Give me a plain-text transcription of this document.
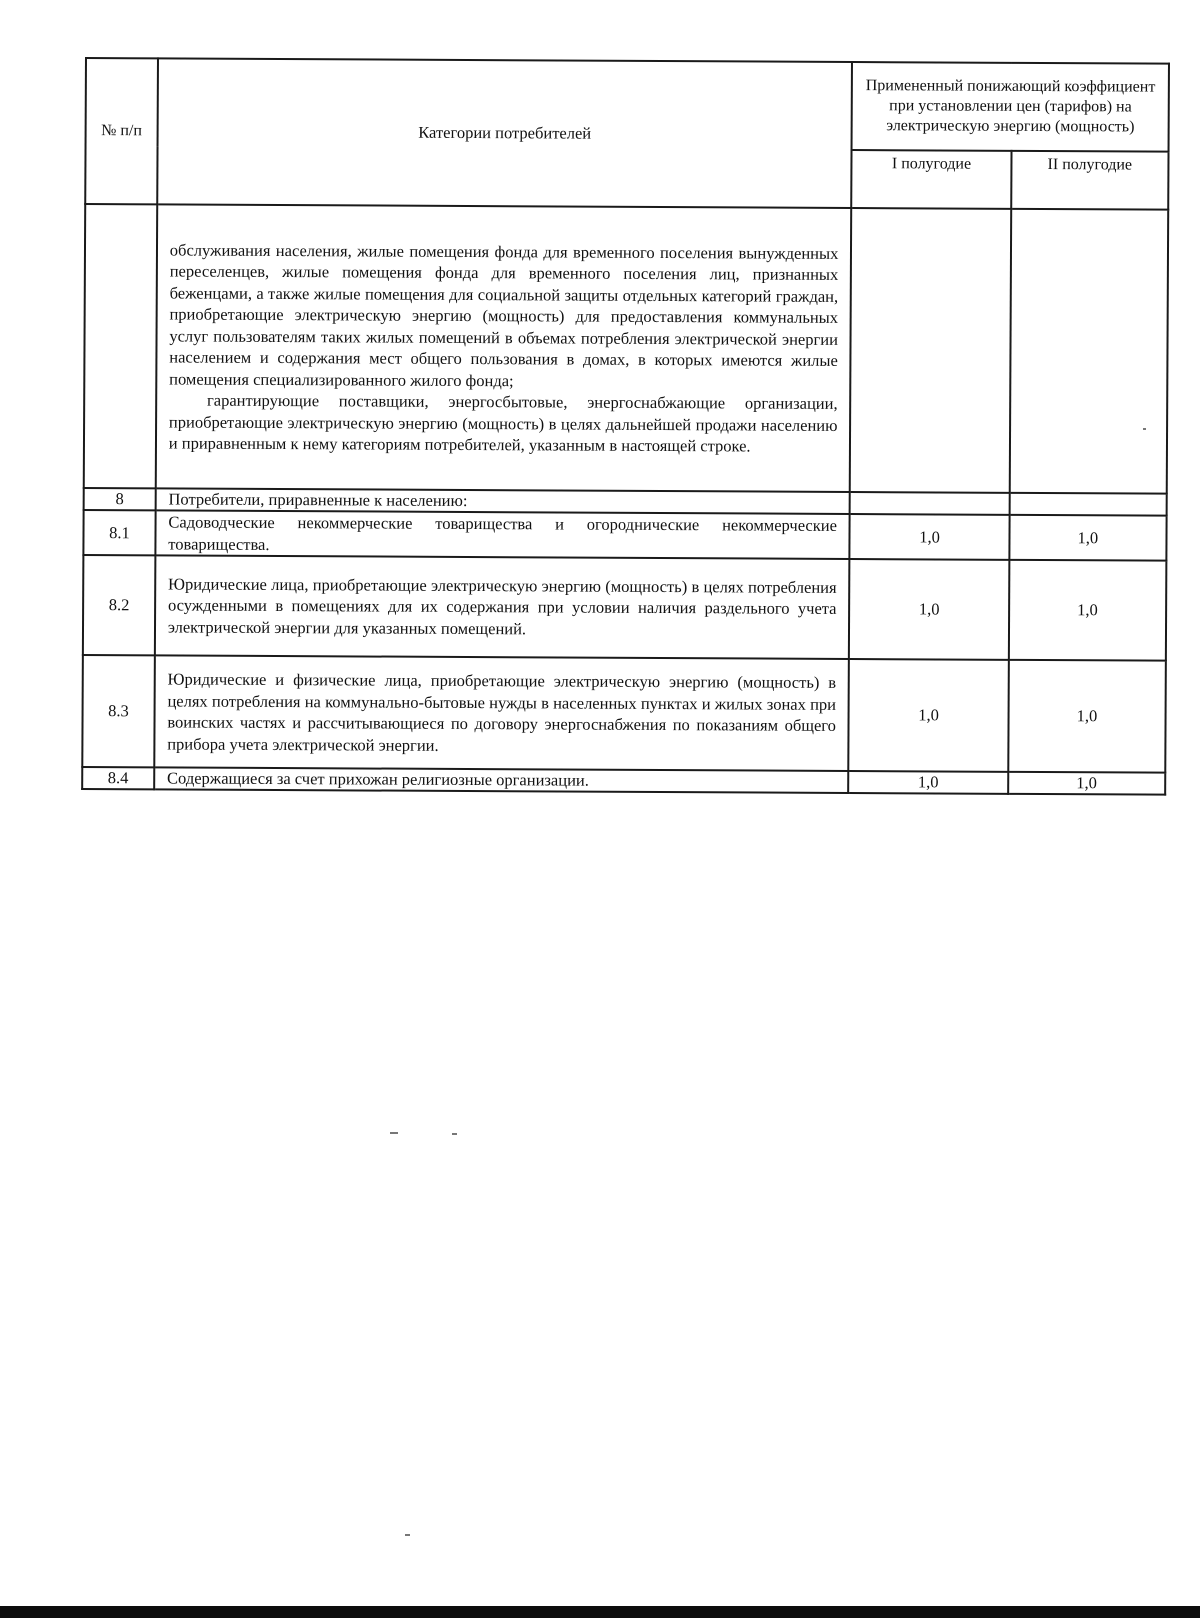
№ п/п	Категории потребителей	Примененный понижающий коэффициент при установлении цен (тарифов) на электрическую энергию (мощность)	
		I полугодие	II полугодие

	обслуживания населения, жилые помещения фонда для временного поселения вынужденных переселенцев, жилые помещения фонда для временного поселения лиц, признанных беженцами, а также жилые помещения для социальной защиты отдельных категорий граждан, приобретающие электрическую энергию (мощность) для предоставления коммунальных услуг пользователям таких жилых помещений в объемах потребления электрической энергии населением и содержания мест общего пользования в домах, в которых имеются жилые помещения специализированного жилого фонда;

гарантирующие поставщики, энергосбытовые, энергоснабжающие организации, приобретающие электрическую энергию (мощность) в целях дальнейшей продажи населению и приравненным к нему категориям потребителей, указанным в настоящей строке.		

8	Потребители, приравненные к населению:		
8.1	Садоводческие некоммерческие товарищества и огороднические некоммерческие товарищества.	1,0	1,0
8.2	Юридические лица, приобретающие электрическую энергию (мощность) в целях потребления осужденными в помещениях для их содержания при условии наличия раздельного учета электрической энергии для указанных помещений.	1,0	1,0
8.3	Юридические и физические лица, приобретающие электрическую энергию (мощность) в целях потребления на коммунально-бытовые нужды в населенных пунктах и жилых зонах при воинских частях и рассчитывающиеся по договору энергоснабжения по показаниям общего прибора учета электрической энергии.	1,0	1,0
8.4	Содержащиеся за счет прихожан религиозные организации.	1,0	1,0
